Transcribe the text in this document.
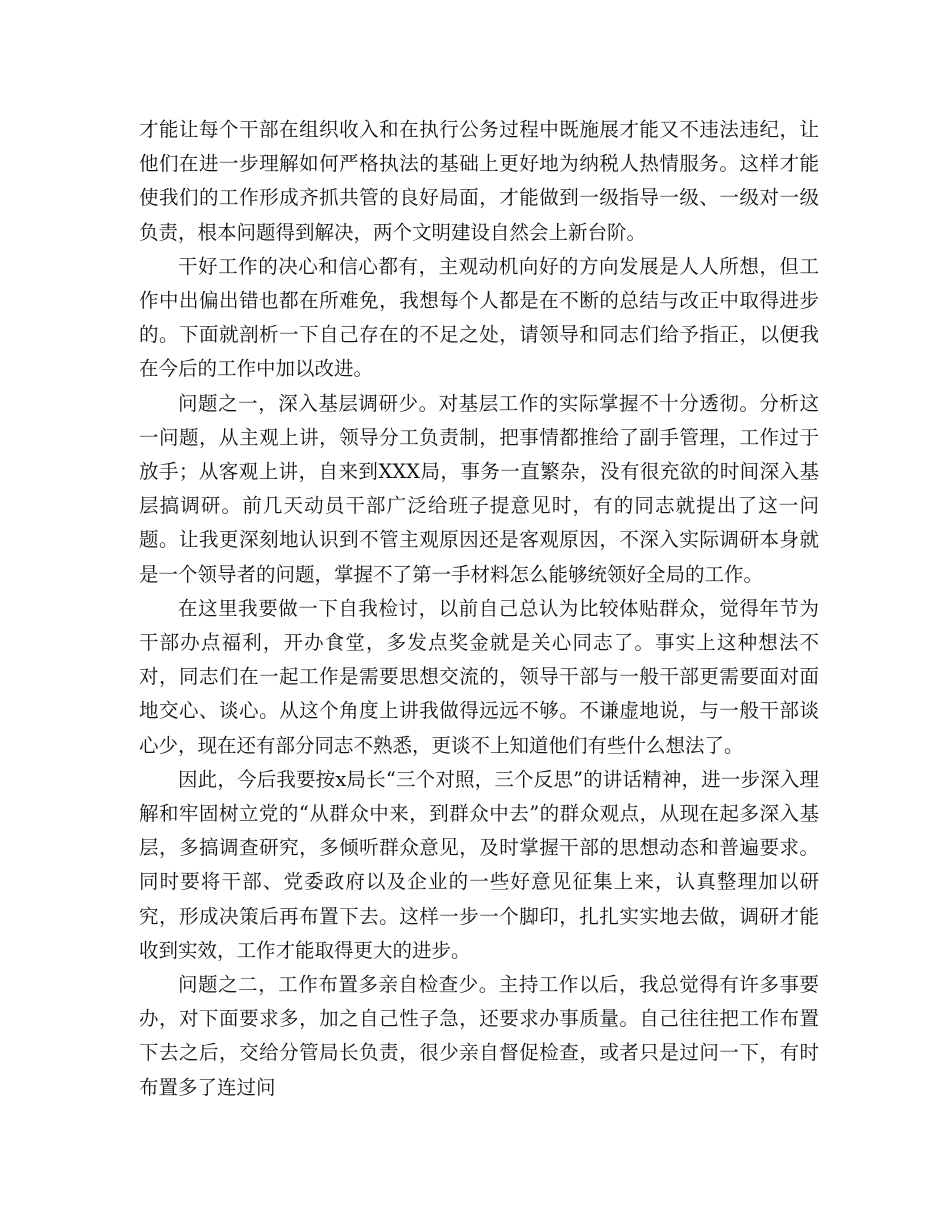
才能让每个干部在组织收入和在执行公务过程中既施展才能又不违法违纪，让他们在进一步理解如何严格执法的基础上更好地为纳税人热情服务。这样才能使我们的工作形成齐抓共管的良好局面，才能做到一级指导一级、一级对一级负责，根本问题得到解决，两个文明建设自然会上新台阶。

干好工作的决心和信心都有，主观动机向好的方向发展是人人所想，但工作中出偏出错也都在所难免，我想每个人都是在不断的总结与改正中取得进步的。下面就剖析一下自己存在的不足之处，请领导和同志们给予指正，以便我在今后的工作中加以改进。

问题之一，深入基层调研少。对基层工作的实际掌握不十分透彻。分析这一问题，从主观上讲，领导分工负责制，把事情都推给了副手管理，工作过于放手；从客观上讲，自来到XXX局，事务一直繁杂，没有很充欲的时间深入基层搞调研。前几天动员干部广泛给班子提意见时，有的同志就提出了这一问题。让我更深刻地认识到不管主观原因还是客观原因，不深入实际调研本身就是一个领导者的问题，掌握不了第一手材料怎么能够统领好全局的工作。

在这里我要做一下自我检讨，以前自己总认为比较体贴群众，觉得年节为干部办点福利，开办食堂，多发点奖金就是关心同志了。事实上这种想法不对，同志们在一起工作是需要思想交流的，领导干部与一般干部更需要面对面地交心、谈心。从这个角度上讲我做得远远不够。不谦虚地说，与一般干部谈心少，现在还有部分同志不熟悉，更谈不上知道他们有些什么想法了。

因此，今后我要按x局长“三个对照，三个反思”的讲话精神，进一步深入理解和牢固树立党的“从群众中来，到群众中去”的群众观点，从现在起多深入基层，多搞调查研究，多倾听群众意见，及时掌握干部的思想动态和普遍要求。同时要将干部、党委政府以及企业的一些好意见征集上来，认真整理加以研究，形成决策后再布置下去。这样一步一个脚印，扎扎实实地去做，调研才能收到实效，工作才能取得更大的进步。

问题之二，工作布置多亲自检查少。主持工作以后，我总觉得有许多事要办，对下面要求多，加之自己性子急，还要求办事质量。自己往往把工作布置下去之后，交给分管局长负责，很少亲自督促检查，或者只是过问一下，有时布置多了连过问
